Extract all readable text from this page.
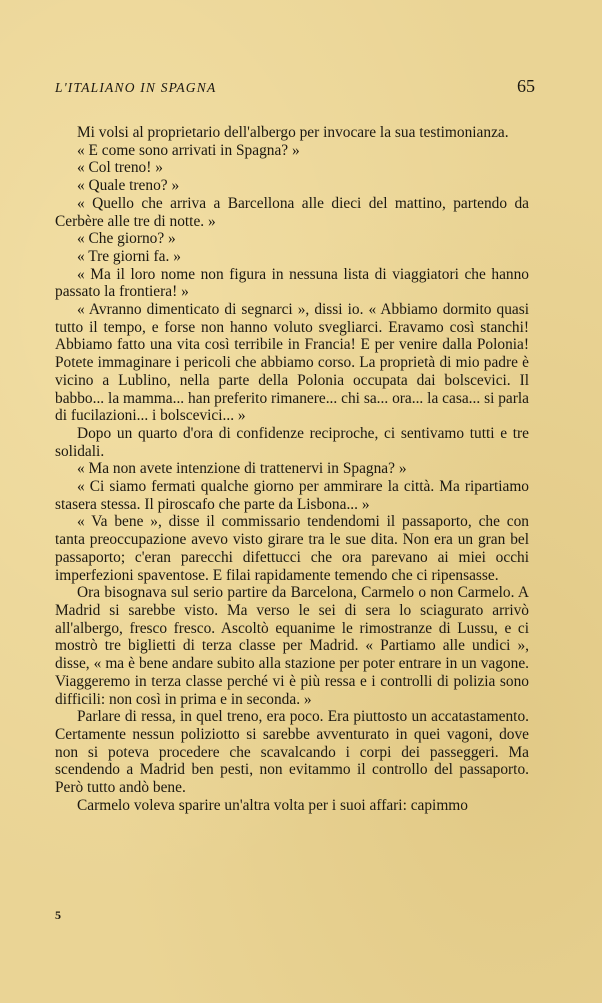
L'ITALIANO IN SPAGNA	65

Mi volsi al proprietario dell'albergo per invocare la sua testimonianza.

« E come sono arrivati in Spagna? »

« Col treno! »

« Quale treno? »

« Quello che arriva a Barcellona alle dieci del mattino, partendo da Cerbère alle tre di notte. »

« Che giorno? »

« Tre giorni fa. »

« Ma il loro nome non figura in nessuna lista di viaggiatori che hanno passato la frontiera! »

« Avranno dimenticato di segnarci », dissi io. « Abbiamo dormito quasi tutto il tempo, e forse non hanno voluto svegliarci. Eravamo così stanchi! Abbiamo fatto una vita così terribile in Francia! E per venire dalla Polonia! Potete immaginare i pericoli che abbiamo corso. La proprietà di mio padre è vicino a Lublino, nella parte della Polonia occupata dai bolscevici. Il babbo... la mamma... han preferito rimanere... chi sa... ora... la casa... si parla di fucilazioni... i bolscevici... »

Dopo un quarto d'ora di confidenze reciproche, ci sentivamo tutti e tre solidali.

« Ma non avete intenzione di trattenervi in Spagna? »

« Ci siamo fermati qualche giorno per ammirare la città. Ma ripartiamo stasera stessa. Il piroscafo che parte da Lisbona... »

« Va bene », disse il commissario tendendomi il passaporto, che con tanta preoccupazione avevo visto girare tra le sue dita. Non era un gran bel passaporto; c'eran parecchi difettucci che ora parevano ai miei occhi imperfezioni spaventose. E filai rapidamente temendo che ci ripensasse.

Ora bisognava sul serio partire da Barcelona, Carmelo o non Carmelo. A Madrid si sarebbe visto. Ma verso le sei di sera lo sciagurato arrivò all'albergo, fresco fresco. Ascoltò equanime le rimostranze di Lussu, e ci mostrò tre biglietti di terza classe per Madrid. « Partiamo alle undici », disse, « ma è bene andare subito alla stazione per poter entrare in un vagone. Viaggeremo in terza classe perché vi è più ressa e i controlli di polizia sono difficili: non così in prima e in seconda. »

Parlare di ressa, in quel treno, era poco. Era piuttosto un accatastamento. Certamente nessun poliziotto si sarebbe avventurato in quei vagoni, dove non si poteva procedere che scavalcando i corpi dei passeggeri. Ma scendendo a Madrid ben pesti, non evitammo il controllo del passaporto. Però tutto andò bene.

Carmelo voleva sparire un'altra volta per i suoi affari: capimmo

5
